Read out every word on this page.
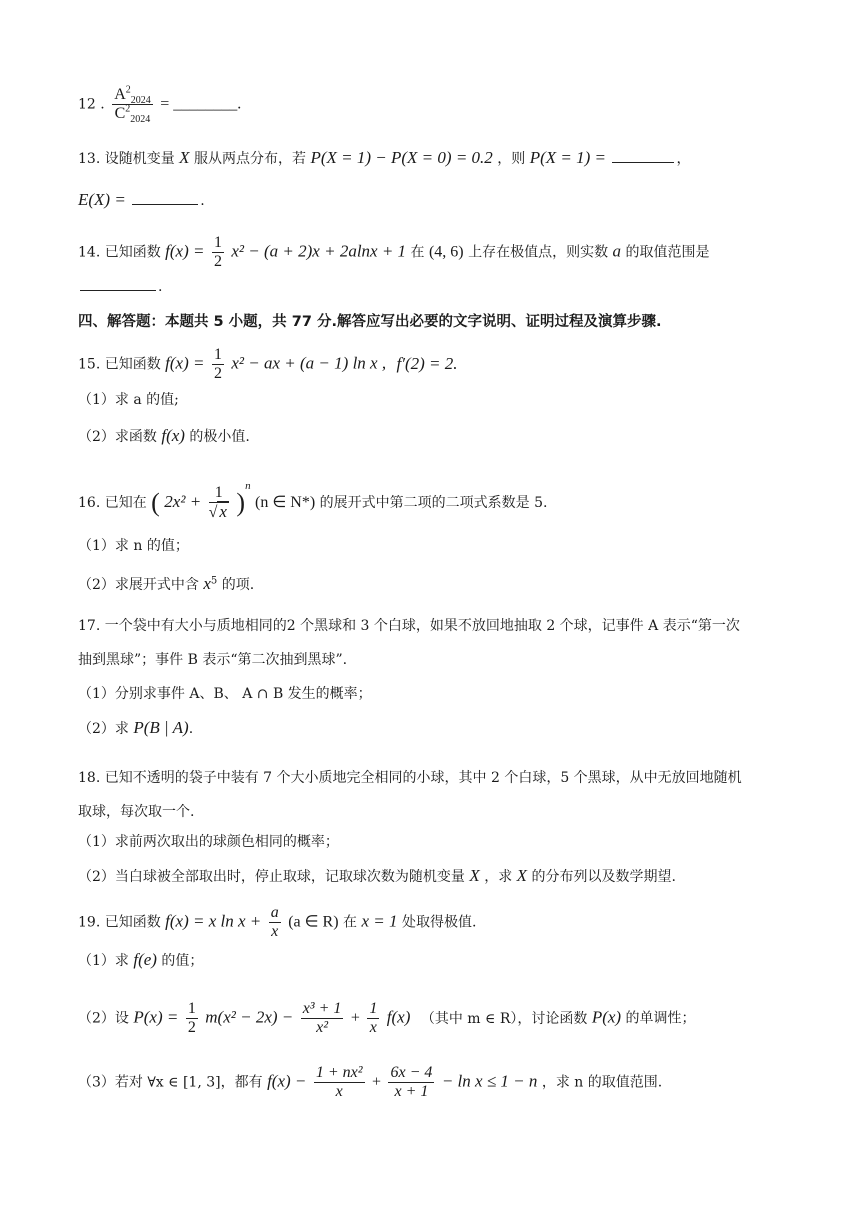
12 . $\frac{A^2_{2024}}{C^2_{2024}}$ = ________.
13. 设随机变量 X 服从两点分布，若 P(X = 1) − P(X = 0) = 0.2 ，则 P(X = 1) =	，
E(X) =	.
14. 已知函数 $f(x) = \frac{1}{2} x^2 - (a + 2)x + 2alnx + 1$ 在 (4, 6) 上存在极值点，则实数 a 的取值范围是
.
四、解答题：本题共 5 小题，共 77 分.解答应写出必要的文字说明、证明过程及演算步骤.
15. 已知函数 $f(x) = \frac{1}{2} x^2$ − ax + (a − 1) ln x , f′(2) = 2.
（1）求 a 的值;
（2）求函数 f(x) 的极小值.
16. 已知在 ( $2x^2 + \frac{1}{√ x} )^n$ (n ∈ N*) 的展开式中第二项的二项式系数是 5.
（1）求 n 的值；
（2）求展开式中含 $x^5$ 的项.
17. 一个袋中有大小与质地相同的2 个黑球和 3 个白球，如果不放回地抽取 2 个球，记事件 A 表示“第一次
抽到黑球”；事件 B 表示“第二次抽到黑球”.
（1）分别求事件 A、B、 A ∩ B 发生的概率；
（2）求 P(B | A).
18. 已知不透明的袋子中装有 7 个大小质地完全相同的小球，其中 2 个白球，5 个黑球，从中无放回地随机
取球，每次取一个.
（1）求前两次取出的球颜色相同的概率；
（2）当白球被全部取出时，停止取球，记取球次数为随机变量 X ，求 X 的分布列以及数学期望.
19. 已知函数 f(x) = x $\ln x + \frac{a}{x} (a$ ∈ R) 在 x = 1 处取得极值.
（1）求 f(e) 的值；
（2）设 $P(x) = \frac{1}{2} m(x^2 - 2x) - \frac{\text{x³ + 1}}{\text{x²}} + \frac{1}{x} f(x)$ （其中 m ∈ R），讨论函数 P(x) 的单调性；
（3）若对 ∀x ∈ [1, 3]，都有 $f(x) - \frac{\text{1 + nx²}}{x} + \frac{6x - 4}{x + 1} - \ln x \le 1 - n$ ，求 n 的取值范围.
